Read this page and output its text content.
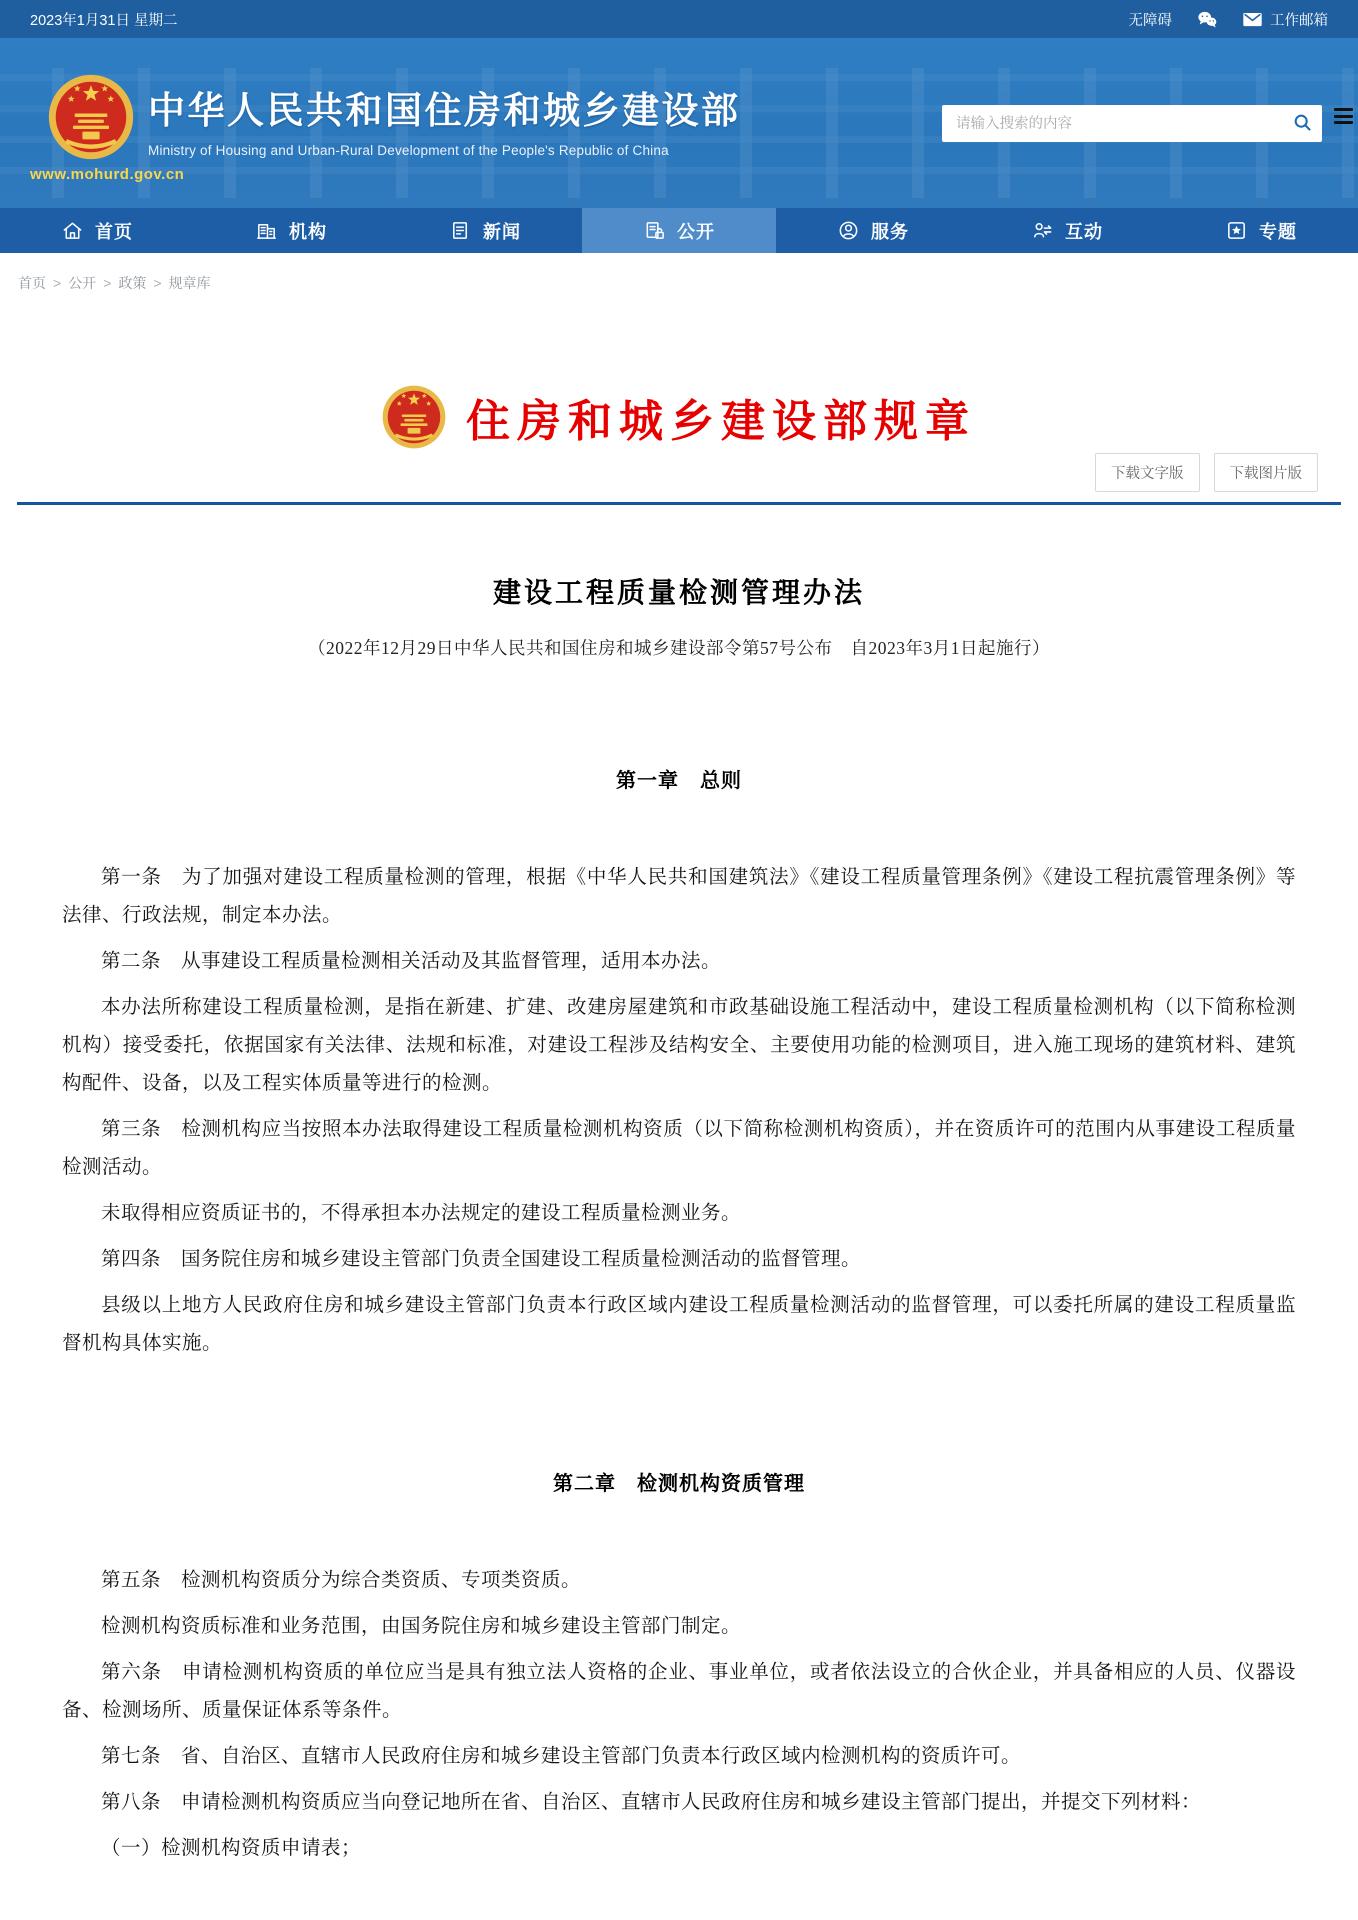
2023年1月31日 星期二	无障碍	工作邮箱
中华人民共和国住房和城乡建设部
Ministry of Housing and Urban-Rural Development of the People's Republic of China
www.mohurd.gov.cn
请输入搜索的内容
首页	机构	新闻	公开	服务	互动	专题
首页 > 公开 > 政策 > 规章库
住房和城乡建设部规章
下载文字版	下载图片版
建设工程质量检测管理办法

（2022年12月29日中华人民共和国住房和城乡建设部令第57号公布　自2023年3月1日起施行）

第一章　总则

第一条　为了加强对建设工程质量检测的管理，根据《中华人民共和国建筑法》《建设工程质量管理条例》《建设工程抗震管理条例》等法律、行政法规，制定本办法。

第二条　从事建设工程质量检测相关活动及其监督管理，适用本办法。

本办法所称建设工程质量检测，是指在新建、扩建、改建房屋建筑和市政基础设施工程活动中，建设工程质量检测机构（以下简称检测机构）接受委托，依据国家有关法律、法规和标准，对建设工程涉及结构安全、主要使用功能的检测项目，进入施工现场的建筑材料、建筑构配件、设备，以及工程实体质量等进行的检测。

第三条　检测机构应当按照本办法取得建设工程质量检测机构资质（以下简称检测机构资质），并在资质许可的范围内从事建设工程质量检测活动。

未取得相应资质证书的，不得承担本办法规定的建设工程质量检测业务。

第四条　国务院住房和城乡建设主管部门负责全国建设工程质量检测活动的监督管理。

县级以上地方人民政府住房和城乡建设主管部门负责本行政区域内建设工程质量检测活动的监督管理，可以委托所属的建设工程质量监督机构具体实施。

第二章　检测机构资质管理

第五条　检测机构资质分为综合类资质、专项类资质。

检测机构资质标准和业务范围，由国务院住房和城乡建设主管部门制定。

第六条　申请检测机构资质的单位应当是具有独立法人资格的企业、事业单位，或者依法设立的合伙企业，并具备相应的人员、仪器设备、检测场所、质量保证体系等条件。

第七条　省、自治区、直辖市人民政府住房和城乡建设主管部门负责本行政区域内检测机构的资质许可。

第八条　申请检测机构资质应当向登记地所在省、自治区、直辖市人民政府住房和城乡建设主管部门提出，并提交下列材料：

（一）检测机构资质申请表；
